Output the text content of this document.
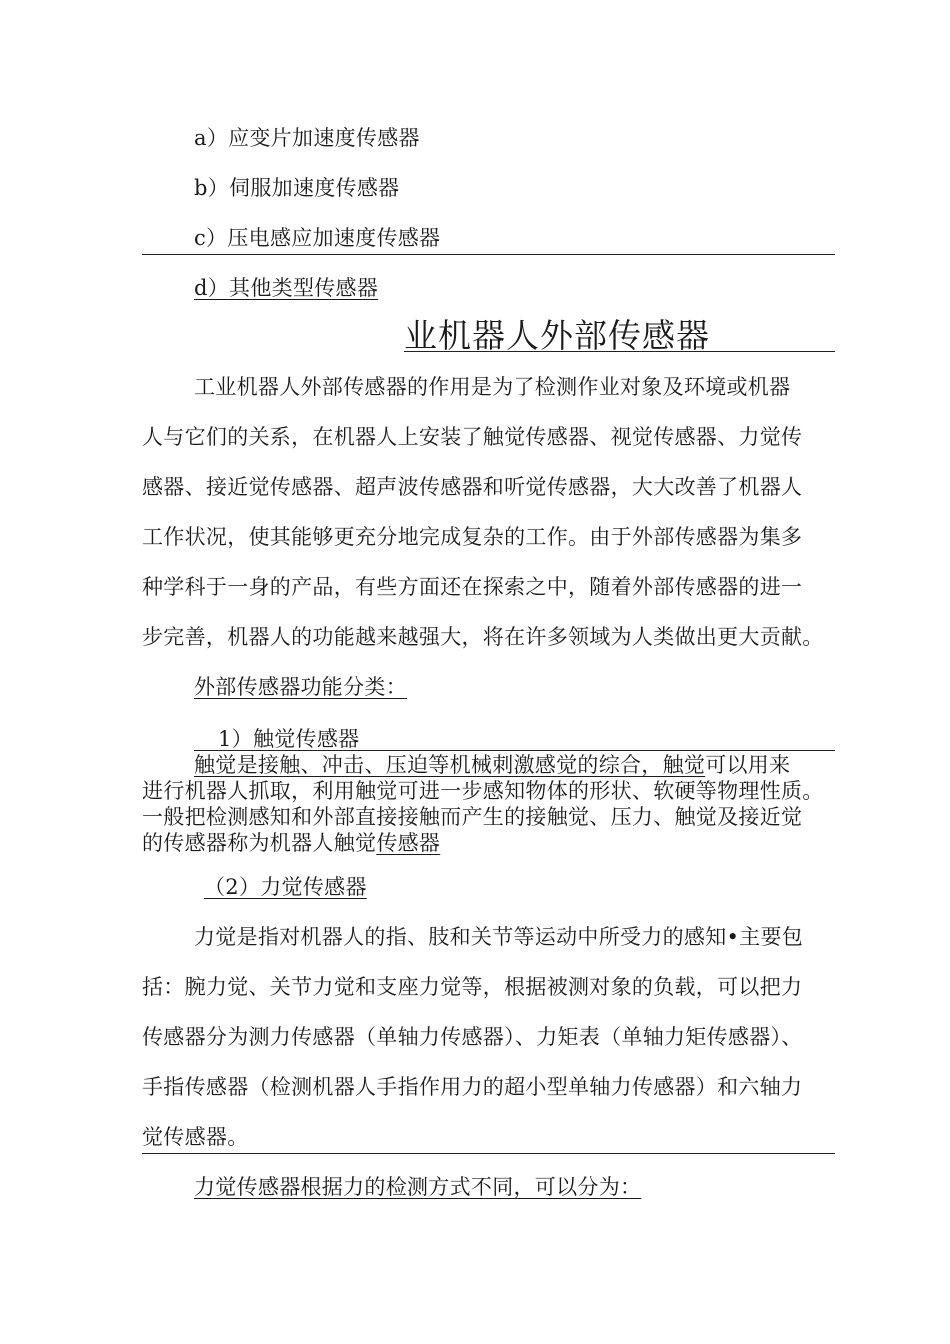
a）应变片加速度传感器
b）伺服加速度传感器
c）压电感应加速度传感器
d）其他类型传感器
业机器人外部传感器
工业机器人外部传感器的作用是为了检测作业对象及环境或机器
人与它们的关系，在机器人上安装了触觉传感器、视觉传感器、力觉传
感器、接近觉传感器、超声波传感器和听觉传感器，大大改善了机器人
工作状况，使其能够更充分地完成复杂的工作。由于外部传感器为集多
种学科于一身的产品，有些方面还在探索之中，随着外部传感器的进一
步完善，机器人的功能越来越强大，将在许多领域为人类做出更大贡献。
外部传感器功能分类：
1）触觉传感器
触觉是接触、冲击、压迫等机械刺激感觉的综合，触觉可以用来
进行机器人抓取，利用触觉可进一步感知物体的形状、软硬等物理性质。
一般把检测感知和外部直接接触而产生的接触觉、压力、触觉及接近觉
的传感器称为机器人触觉传感器
（2）力觉传感器
力觉是指对机器人的指、肢和关节等运动中所受力的感知•主要包
括：腕力觉、关节力觉和支座力觉等，根据被测对象的负载，可以把力
传感器分为测力传感器（单轴力传感器）、力矩表（单轴力矩传感器）、
手指传感器（检测机器人手指作用力的超小型单轴力传感器）和六轴力
觉传感器。
力觉传感器根据力的检测方式不同，可以分为：
